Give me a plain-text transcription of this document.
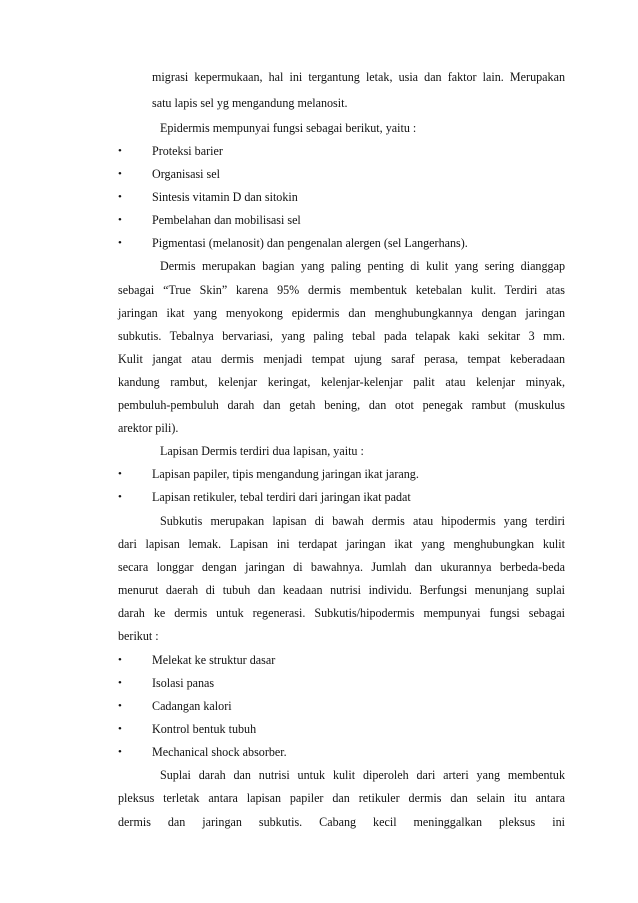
migrasi kepermukaan, hal ini tergantung letak, usia dan faktor lain. Merupakan
satu lapis sel yg mengandung melanosit.
Epidermis mempunyai fungsi sebagai berikut, yaitu :
•
Proteksi barier
•
Organisasi sel
•
Sintesis vitamin D dan sitokin
•
Pembelahan dan mobilisasi sel
•
Pigmentasi (melanosit) dan pengenalan alergen (sel Langerhans).
Dermis merupakan bagian yang paling penting di kulit yang sering dianggap
sebagai “True Skin” karena 95% dermis membentuk ketebalan kulit. Terdiri atas
jaringan ikat yang menyokong epidermis dan menghubungkannya dengan jaringan
subkutis. Tebalnya bervariasi, yang paling tebal pada telapak kaki sekitar 3 mm.
Kulit jangat atau dermis menjadi tempat ujung saraf perasa, tempat keberadaan
kandung rambut, kelenjar keringat, kelenjar-kelenjar palit atau kelenjar minyak,
pembuluh-pembuluh darah dan getah bening, dan otot penegak rambut (muskulus
arektor pili).
Lapisan Dermis terdiri dua lapisan, yaitu :
•
Lapisan papiler, tipis mengandung jaringan ikat jarang.
•
Lapisan retikuler, tebal terdiri dari jaringan ikat padat
Subkutis merupakan lapisan di bawah dermis atau hipodermis yang terdiri
dari lapisan lemak. Lapisan ini terdapat jaringan ikat yang menghubungkan kulit
secara longgar dengan jaringan di bawahnya. Jumlah dan ukurannya berbeda-beda
menurut daerah di tubuh dan keadaan nutrisi individu. Berfungsi menunjang suplai
darah ke dermis untuk regenerasi. Subkutis/hipodermis mempunyai fungsi sebagai
berikut :
•
Melekat ke struktur dasar
•
Isolasi panas
•
Cadangan kalori
•
Kontrol bentuk tubuh
•
Mechanical shock absorber.
Suplai darah dan nutrisi untuk kulit diperoleh dari arteri yang membentuk
pleksus terletak antara lapisan papiler dan retikuler dermis dan selain itu antara
dermis dan jaringan subkutis. Cabang kecil meninggalkan pleksus ini
